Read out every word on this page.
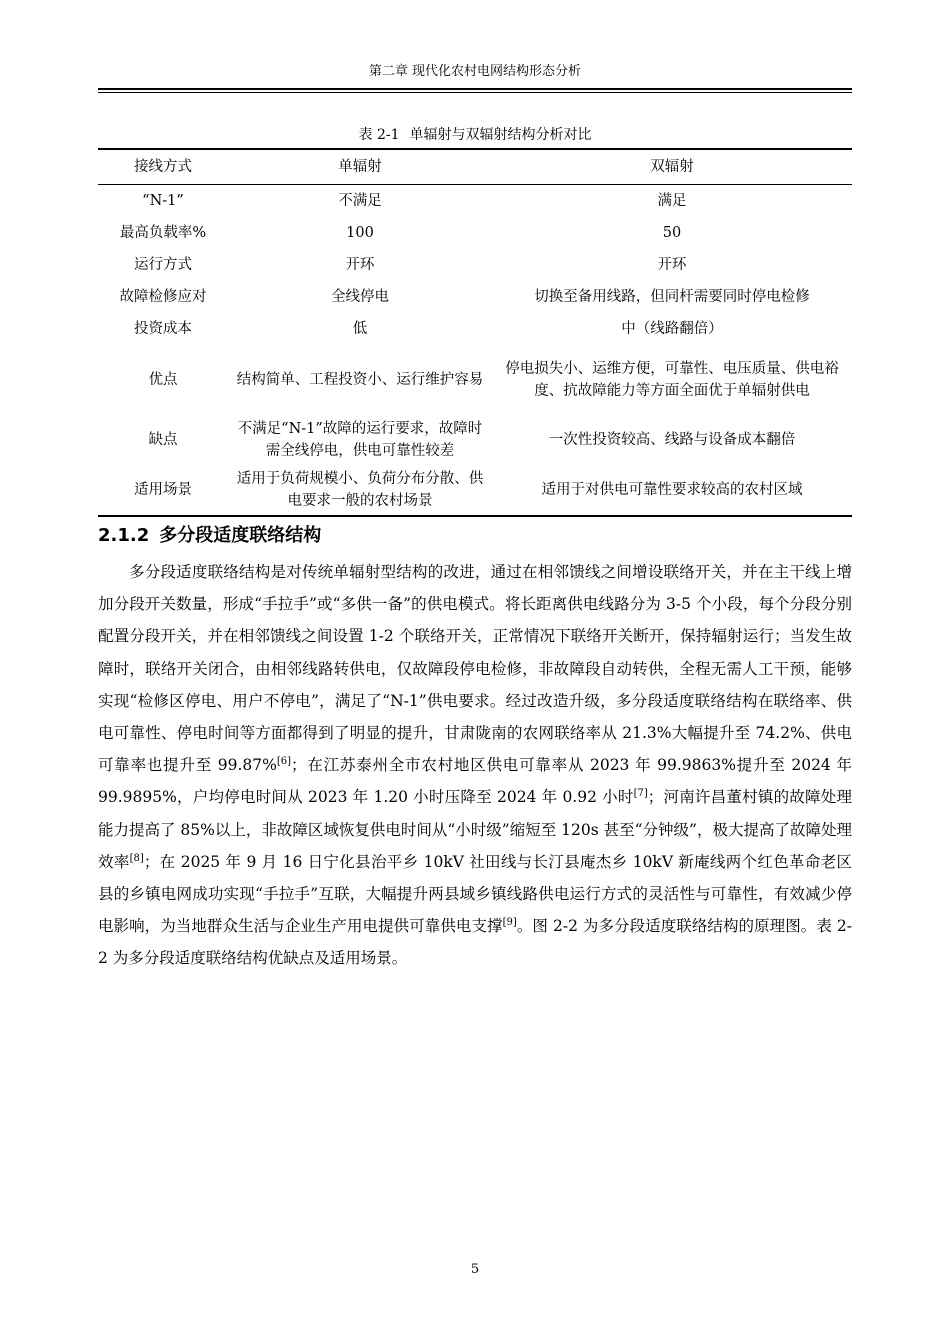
第二章 现代化农村电网结构形态分析
表 2-1 单辐射与双辐射结构分析对比
接线方式	单辐射	双辐射
“N-1”	不满足	满足
最高负载率%	100	50
运行方式	开环	开环
故障检修应对	全线停电	切换至备用线路，但同杆需要同时停电检修
投资成本	低	中（线路翻倍）
优点	结构简单、工程投资小、运行维护容易	停电损失小、运维方便，可靠性、电压质量、供电裕度、抗故障能力等方面全面优于单辐射供电
缺点	不满足“N-1”故障的运行要求，故障时需全线停电，供电可靠性较差	一次性投资较高、线路与设备成本翻倍
适用场景	适用于负荷规模小、负荷分布分散、供电要求一般的农村场景	适用于对供电可靠性要求较高的农村区域
2.1.2 多分段适度联络结构

多分段适度联络结构是对传统单辐射型结构的改进，通过在相邻馈线之间增设联络开关，并在主干线上增加分段开关数量，形成“手拉手”或“多供一备”的供电模式。将长距离供电线路分为 3-5 个小段，每个分段分别配置分段开关，并在相邻馈线之间设置 1-2 个联络开关，正常情况下联络开关断开，保持辐射运行；当发生故障时，联络开关闭合，由相邻线路转供电，仅故障段停电检修，非故障段自动转供，全程无需人工干预，能够实现“检修区停电、用户不停电”，满足了“N-1”供电要求。经过改造升级，多分段适度联络结构在联络率、供电可靠性、停电时间等方面都得到了明显的提升，甘肃陇南的农网联络率从 21.3%大幅提升至 74.2%、供电可靠率也提升至 99.87%[6]；在江苏泰州全市农村地区供电可靠率从 2023 年 99.9863%提升至 2024 年 99.9895%，户均停电时间从 2023 年 1.20 小时压降至 2024 年 0.92 小时[7]；河南许昌董村镇的故障处理能力提高了 85%以上，非故障区域恢复供电时间从“小时级”缩短至 120s 甚至“分钟级”，极大提高了故障处理效率[8]；在 2025 年 9 月 16 日宁化县治平乡 10kV 社田线与长汀县庵杰乡 10kV 新庵线两个红色革命老区县的乡镇电网成功实现“手拉手”互联，大幅提升两县域乡镇线路供电运行方式的灵活性与可靠性，有效减少停电影响，为当地群众生活与企业生产用电提供可靠供电支撑[9]。图 2-2 为多分段适度联络结构的原理图。表 2-2 为多分段适度联络结构优缺点及适用场景。

5
